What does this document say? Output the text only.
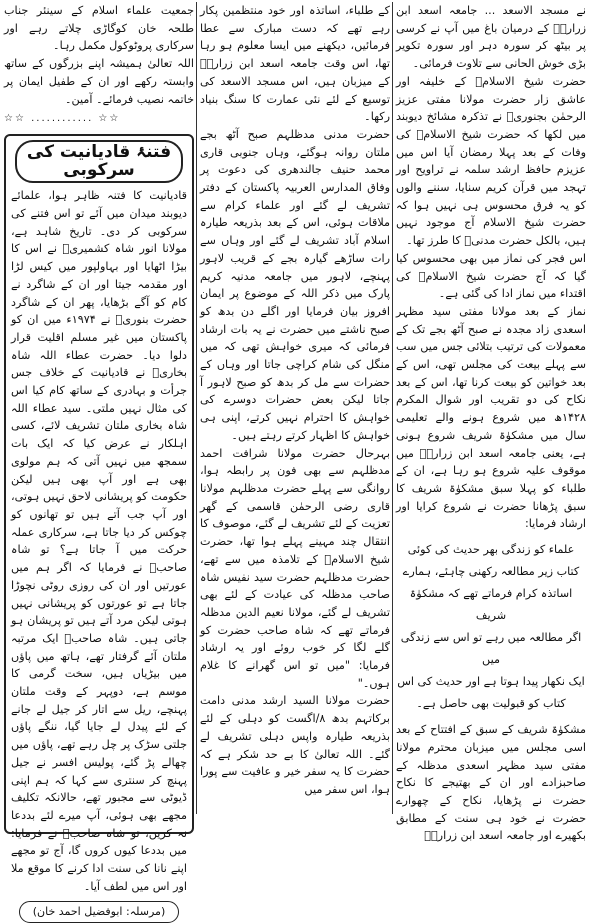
نے مسجد الاسعد ... جامعہ اسعد ابن زرارہؓ کے درمیان باغ میں آپ نے کرسی پر بیٹھ کر سورہ دہر اور سورہ تکویر بڑی خوش الحانی سے تلاوت فرمائی۔

حضرت شیخ الاسلامؒ کے خلیفہ اور عاشق زار حضرت مولانا مفتی عزیز الرحمٰن بجنوریؒ نے تذکرہ مشائخ دیوبند میں لکھا کہ حضرت شیخ الاسلامؒ کی وفات کے بعد پہلا رمضان آیا اس میں عزیزم حافظ ارشد سلمہ نے تراویح اور تہجد میں قرآن کریم سنایا، سننے والوں کو یہ فرق محسوس ہی نہیں ہوا کہ حضرت شیخ الاسلام آج موجود نہیں ہیں، بالکل حضرت مدنیؒ کا طرز تھا۔

اس فجر کی نماز میں بھی محسوس کیا گیا کہ آج حضرت شیخ الاسلامؒ کی اقتداء میں نماز ادا کی گئی ہے۔

نماز کے بعد مولانا مفتی سید مظہر اسعدی زاد مجدہ نے صبح آٹھ بجے تک کے معمولات کی ترتیب بتلائی جس میں سب سے پہلے بیعت کی مجلس تھی، اس کے بعد خواتین کو بیعت کرنا تھا، اس کے بعد نکاح کی دو تقریب اور شوال المکرم ۱۴۲۸ھ میں شروع ہونے والے تعلیمی سال میں مشکوٰۃ شریف شروع ہونی ہے، یعنی جامعہ اسعد ابن زرارہؓ میں موقوف علیہ شروع ہو رہا ہے، ان کے طلباء کو پہلا سبق مشکوٰۃ شریف کا سبق پڑھانا حضرت نے شروع کرایا اور ارشاد فرمایا:

علماء کو زندگی بھر حدیث کی کوئی
کتاب زیر مطالعہ رکھنی چاہئے، ہمارے
اساتذہ کرام فرماتے تھے کہ مشکوٰۃ شریف
اگر مطالعہ میں رہے تو اس سے زندگی میں
ایک نکھار پیدا ہوتا ہے اور حدیث کی اس
کتاب کو قبولیت بھی حاصل ہے۔

مشکوٰۃ شریف کے سبق کے افتتاح کے بعد اسی مجلس میں میزبان محترم مولانا مفتی سید مظہر اسعدی مدظلہ کے صاحبزادے اور ان کے بھتیجے کا نکاح حضرت نے پڑھایا، نکاح کے چھوارے حضرت نے خود ہی سنت کے مطابق بکھیرے اور جامعہ اسعد ابن زرارہؓ

کے طلباء، اساتذہ اور خود منتظمین پکار رہے تھے کہ دست مبارک سے عطا فرمائیں، دیکھنے میں ایسا معلوم ہو رہا تھا، اس وقت جامعہ اسعد ابن زرارہؓ کے میزبان ہیں، اس مسجد الاسعد کی توسیع کے لئے نئی عمارت کا سنگ بنیاد رکھا۔

حضرت مدنی مدظلہم صبح آٹھ بجے ملتان روانہ ہوگئے، وہاں جنوبی قاری محمد حنیف جالندھری کی دعوت پر وفاق المدارس العربیہ پاکستان کے دفتر تشریف لے گئے اور علماء کرام سے ملاقات ہوئی، اس کے بعد بذریعہ طیارہ اسلام آباد تشریف لے گئے اور وہاں سے رات ساڑھے گیارہ بجے کے قریب لاہور پہنچے، لاہور میں جامعہ مدنیہ کریم پارک میں ذکر اللہ کے موضوع پر ایمان افروز بیان فرمایا اور اگلے دن بدھ کو صبح ناشتے میں حضرت نے یہ بات ارشاد فرمائی کہ میری خواہش تھی کہ میں منگل کی شام کراچی جاتا اور وہاں کے حضرات سے مل کر بدھ کو صبح لاہور آ جاتا لیکن بعض حضرات دوسرے کی خواہش کا احترام نہیں کرتے، اپنی ہی خواہش کا اظہار کرتے رہتے ہیں۔

بہرحال حضرت مولانا شرافت احمد مدظلہم سے بھی فون پر رابطہ ہوا، روانگی سے پہلے حضرت مدظلہم مولانا قاری رضی الرحمٰن قاسمی کے گھر تعزیت کے لئے تشریف لے گئے، موصوف کا انتقال چند مہینے پہلے ہوا تھا، حضرت شیخ الاسلامؒ کے تلامذہ میں سے تھے، حضرت مدظلہم حضرت سید نفیس شاہ صاحب مدظلہ کی عیادت کے لئے بھی تشریف لے گئے، مولانا نعیم الدین مدظلہ فرماتے تھے کہ شاہ صاحب حضرت کو گلے لگا کر خوب روئے اور یہ ارشاد فرمایا: "میں تو اس گھرانے کا غلام ہوں۔"

حضرت مولانا السید ارشد مدنی دامت برکاتہم بدھ ۸/اگست کو دہلی کے لئے بذریعہ طیارہ واپس دہلی تشریف لے گئے۔ اللہ تعالیٰ کا بے حد شکر ہے کہ حضرت کا یہ سفر خیر و عافیت سے پورا ہوا، اس سفر میں

جمعیت علماء اسلام کے سینئر جناب طلحہ خان کوگاڑی چلاتے رہے اور سرکاری پروٹوکول مکمل رہا۔

اللہ تعالیٰ ہمیشہ اپنے بزرگوں کے ساتھ وابستہ رکھے اور ان کے طفیل ایمان پر خاتمہ نصیب فرمائے۔ آمین۔

☆☆ ............ ☆☆
فتنۂ قادیانیت کی سرکوبی
قادیانیت کا فتنہ ظاہر ہوا، علمائے دیوبند میدان میں آئے تو اس فتنے کی سرکوبی کر دی۔ تاریخ شاہد ہے، مولانا انور شاہ کشمیریؒ نے اس کا بیڑا اٹھایا اور بہاولپور میں کیس لڑا اور مقدمہ جیتا اور ان کے شاگرد نے کام کو آگے بڑھایا، پھر ان کے شاگرد حضرت بنوریؒ نے ۱۹۷۴ء میں ان کو پاکستان میں غیر مسلم اقلیت قرار دلوا دیا۔ حضرت عطاء اللہ شاہ بخاریؒ نے قادیانیت کے خلاف جس جرأت و بہادری کے ساتھ کام کیا اس کی مثال نہیں ملتی۔ سید عطاء اللہ شاہ بخاری ملتان تشریف لائے، کسی اہلکار نے عرض کیا کہ ایک بات سمجھ میں نہیں آتی کہ ہم مولوی بھی ہے اور آپ بھی ہیں لیکن حکومت کو پریشانی لاحق نہیں ہوتی، اور آپ جب آتے ہیں تو تھانوں کو چوکس کر دیا جاتا ہے، سرکاری عملہ حرکت میں آ جاتا ہے؟ تو شاہ صاحبؒ نے فرمایا کہ اگر ہم میں عورتیں اور ان کی روزی روٹی نچوڑا جاتا ہے تو عورتوں کو پریشانی نہیں ہوتی لیکن مرد آتے ہیں تو پریشان ہو جاتی ہیں۔ شاہ صاحبؒ ایک مرتبہ ملتان آئے گرفتار تھے، ہاتھ میں پاؤں میں بیڑیاں ہیں، سخت گرمی کا موسم ہے، دوپہر کے وقت ملتان پہنچے، ریل سے اتار کر جیل لے جانے کے لئے پیدل لے جایا گیا، ننگے پاؤں جلتی سڑک پر چل رہے تھے، پاؤں میں چھالے پڑ گئے، پولیس افسر نے جیل پہنچ کر سنتری سے کہا کہ ہم اپنی ڈیوٹی سے مجبور تھے، حالانکہ تکلیف مجھے بھی ہوئی، آپ میرے لئے بددعا نہ کریں، تو شاہ صاحبؒ نے فرمایا: میں بددعا کیوں کروں گا، آج تو مجھے اپنے نانا کی سنت ادا کرنے کا موقع ملا اور اس میں لطف آیا۔
(مرسلہ: ابوفضیل احمد خان)
